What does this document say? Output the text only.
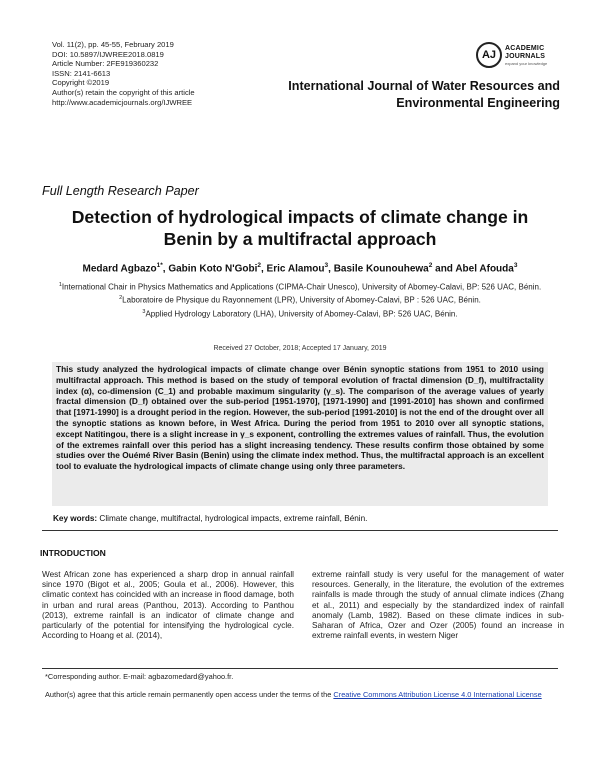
Vol. 11(2), pp. 45-55, February 2019
DOI: 10.5897/IJWREE2018.0819
Article Number: 2FE919360232
ISSN: 2141-6613
Copyright ©2019
Author(s) retain the copyright of this article
http://www.academicjournals.org/IJWREE
AJ
ACADEMIC
JOURNALS
expand your knowledge
International Journal of Water Resources and
Environmental Engineering
Full Length Research Paper
Detection of hydrological impacts of climate change in
Benin by a multifractal approach
Medard Agbazo$^{1*}$, Gabin Koto N'Gobi$^2$, Eric Alamou$^3$, Basile Kounouhewa$^2$ and Abel Afouda$^3$
$^1$International Chair in Physics Mathematics and Applications (CIPMA-Chair Unesco), University of Abomey-Calavi, BP: 526 UAC, Bénin.
$^2$Laboratoire de Physique du Rayonnement (LPR), University of Abomey-Calavi, BP : 526 UAC, Bénin.
$^3$Applied Hydrology Laboratory (LHA), University of Abomey-Calavi, BP: 526 UAC, Bénin.
Received 27 October, 2018; Accepted 17 January, 2019
This study analyzed the hydrological impacts of climate change over Bénin synoptic stations from 1951 to 2010 using multifractal approach. This method is based on the study of temporal evolution of fractal dimension (D_f), multifractality index (α), co-dimension (C_1) and probable maximum singularity (γ_s). The comparison of the average values of yearly fractal dimension (D_f) obtained over the sub-period [1951-1970], [1971-1990] and [1991-2010] has shown and confirmed that [1971-1990] is a drought period in the region. However, the sub-period [1991-2010] is not the end of the drought over all the synoptic stations as known before, in West Africa. During the period from 1951 to 2010 over all synoptic stations, except Natitingou, there is a slight increase in γ_s exponent, controlling the extremes values of rainfall. Thus, the evolution of the extremes rainfall over this period has a slight increasing tendency. These results confirm those obtained by some studies over the Ouémé River Basin (Benin) using the climate index method. Thus, the multifractal approach is an excellent tool to evaluate the hydrological impacts of climate change using only three parameters.
Key words: Climate change, multifractal, hydrological impacts, extreme rainfall, Bénin.
INTRODUCTION
West African zone has experienced a sharp drop in annual rainfall since 1970 (Bigot et al., 2005; Goula et al., 2006). However, this climatic context has coincided with an increase in flood damage, both in urban and rural areas (Panthou, 2013). According to Panthou (2013), extreme rainfall is an indicator of climate change and particularly of the potential for intensifying the hydrological cycle. According to Hoang et al. (2014),
extreme rainfall study is very useful for the management of water resources. Generally, in the literature, the evolution of the extremes rainfalls is made through the study of annual climate indices (Zhang et al., 2011) and especially by the standardized index of rainfall anomaly (Lamb, 1982). Based on these climate indices in sub-Saharan of Africa, Ozer and Ozer (2005) found an increase in extreme rainfall events, in western Niger
*Corresponding author. E-mail: agbazomedard@yahoo.fr.
Author(s) agree that this article remain permanently open access under the terms of the Creative Commons Attribution License 4.0 International License
